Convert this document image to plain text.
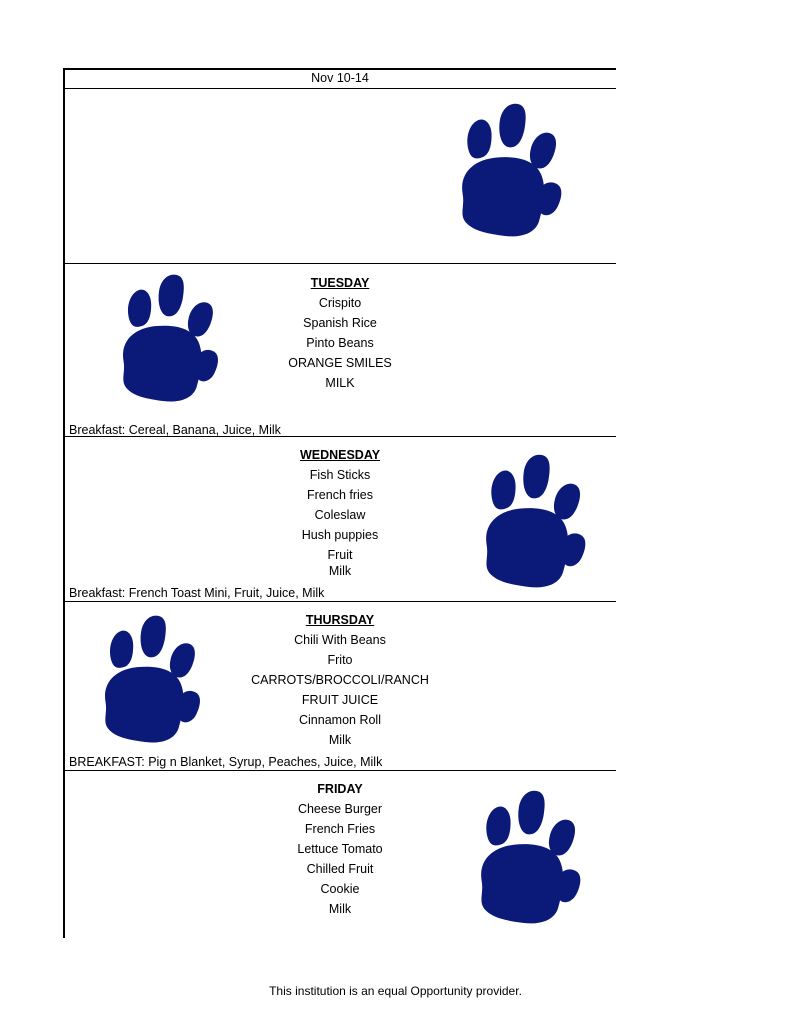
Nov 10-14
TUESDAY
Crispito
Spanish Rice
Pinto Beans
ORANGE SMILES
MILK
Breakfast: Cereal, Banana, Juice, Milk
WEDNESDAY
Fish Sticks
French fries
Coleslaw
Hush puppies
Fruit
Milk
Breakfast: French Toast Mini, Fruit, Juice, Milk
THURSDAY
Chili With Beans
Frito
CARROTS/BROCCOLI/RANCH
FRUIT JUICE
Cinnamon Roll
Milk
BREAKFAST: Pig n Blanket, Syrup, Peaches, Juice, Milk
FRIDAY
Cheese Burger
French Fries
Lettuce Tomato
Chilled Fruit
Cookie
Milk
This institution is an equal Opportunity provider.
